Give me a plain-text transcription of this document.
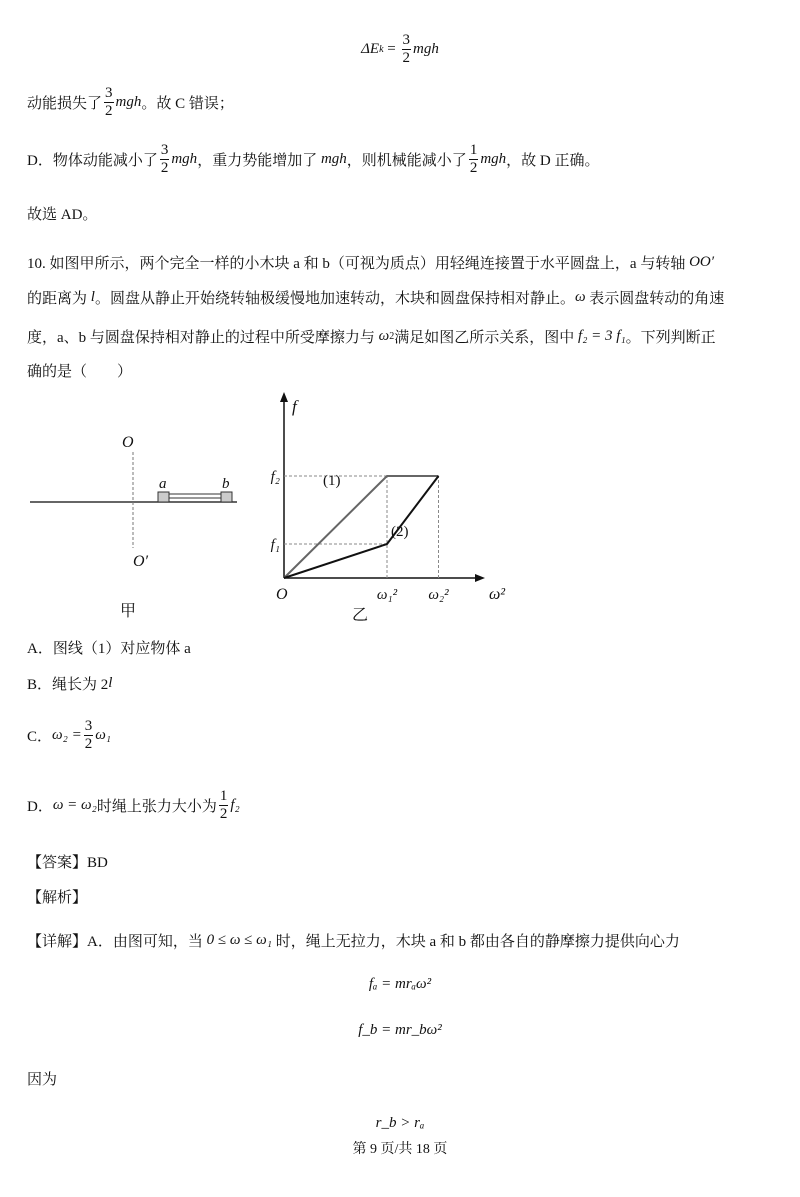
ΔE $k = \frac{3}{2}$ mgh
动能损失了 $\frac{3}{2}$ mgh 。故 C 错误；
D．物体动能减小了 $\frac{3}{2}$ mgh ，重力势能增加了 mgh ，则机械能减小了 $\frac{1}{2}$ mgh ，故 D 正确。
故选 AD。
10. 如图甲所示，两个完全一样的小木块 a 和 b（可视为质点）用轻绳连接置于水平圆盘上，a 与转轴 OO′
的距离为 l 。圆盘从静止开始绕转轴极缓慢地加速转动，木块和圆盘保持相对静止。 ω 表示圆盘转动的角速
度，a、b 与圆盘保持相对静止的过程中所受摩擦力与 ω 2 满足如图乙所示关系，图中 f₂ = 3 f₁ 。下列判断正
确的是（　　）
O
O′
a	b
甲
f
ω²
O
f₁
f₂
ω₁² ω₂²
(1)
(2)
乙
A．图线（1）对应物体 a
B．绳长为 2 l
C． $\omega_2 = \frac{3}{2} \omega_1$
D． ω = ω₂ 时绳上张力大小为 $\frac{1}{2} f_2$
【答案】BD
【解析】
【详解】A．由图可知，当 0 ≤ ω ≤ ω₁ 时，绳上无拉力，木块 a 和 b 都由各自的静摩擦力提供向心力
fₐ = mrₐω²
f_b = mr_bω²
因为
r_b > rₐ
第 9 页/共 18 页
